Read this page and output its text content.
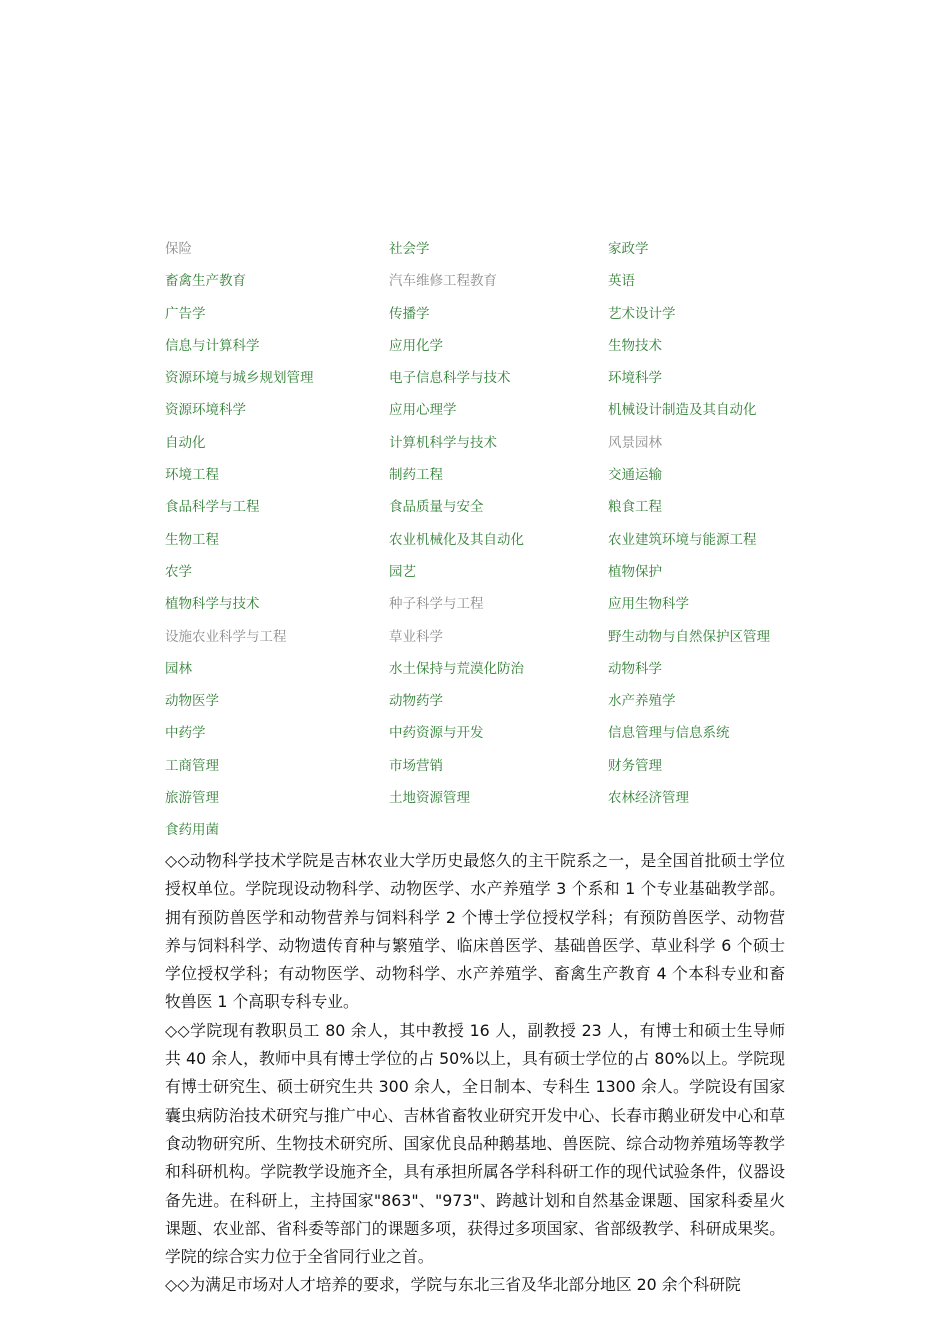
保险	社会学	家政学
畜禽生产教育	汽车维修工程教育	英语
广告学	传播学	艺术设计学
信息与计算科学	应用化学	生物技术
资源环境与城乡规划管理	电子信息科学与技术	环境科学
资源环境科学	应用心理学	机械设计制造及其自动化
自动化	计算机科学与技术	风景园林
环境工程	制药工程	交通运输
食品科学与工程	食品质量与安全	粮食工程
生物工程	农业机械化及其自动化	农业建筑环境与能源工程
农学	园艺	植物保护
植物科学与技术	种子科学与工程	应用生物科学
设施农业科学与工程	草业科学	野生动物与自然保护区管理
园林	水土保持与荒漠化防治	动物科学
动物医学	动物药学	水产养殖学
中药学	中药资源与开发	信息管理与信息系统
工商管理	市场营销	财务管理
旅游管理	土地资源管理	农林经济管理
食药用菌

◇◇动物科学技术学院是吉林农业大学历史最悠久的主干院系之一，是全国首批硕士学位授权单位。学院现设动物科学、动物医学、水产养殖学 3 个系和 1 个专业基础教学部。拥有预防兽医学和动物营养与饲料科学 2 个博士学位授权学科；有预防兽医学、动物营养与饲料科学、动物遗传育种与繁殖学、临床兽医学、基础兽医学、草业科学 6 个硕士学位授权学科；有动物医学、动物科学、水产养殖学、畜禽生产教育 4 个本科专业和畜牧兽医 1 个高职专科专业。

◇◇学院现有教职员工 80 余人，其中教授 16 人，副教授 23 人，有博士和硕士生导师共 40 余人，教师中具有博士学位的占 50%以上，具有硕士学位的占 80%以上。学院现有博士研究生、硕士研究生共 300 余人，全日制本、专科生 1300 余人。学院设有国家囊虫病防治技术研究与推广中心、吉林省畜牧业研究开发中心、长春市鹅业研发中心和草食动物研究所、生物技术研究所、国家优良品种鹅基地、兽医院、综合动物养殖场等教学和科研机构。学院教学设施齐全，具有承担所属各学科科研工作的现代试验条件，仪器设备先进。在科研上，主持国家"863"、"973"、跨越计划和自然基金课题、国家科委星火课题、农业部、省科委等部门的课题多项，获得过多项国家、省部级教学、科研成果奖。学院的综合实力位于全省同行业之首。

◇◇为满足市场对人才培养的要求，学院与东北三省及华北部分地区 20 余个科研院
